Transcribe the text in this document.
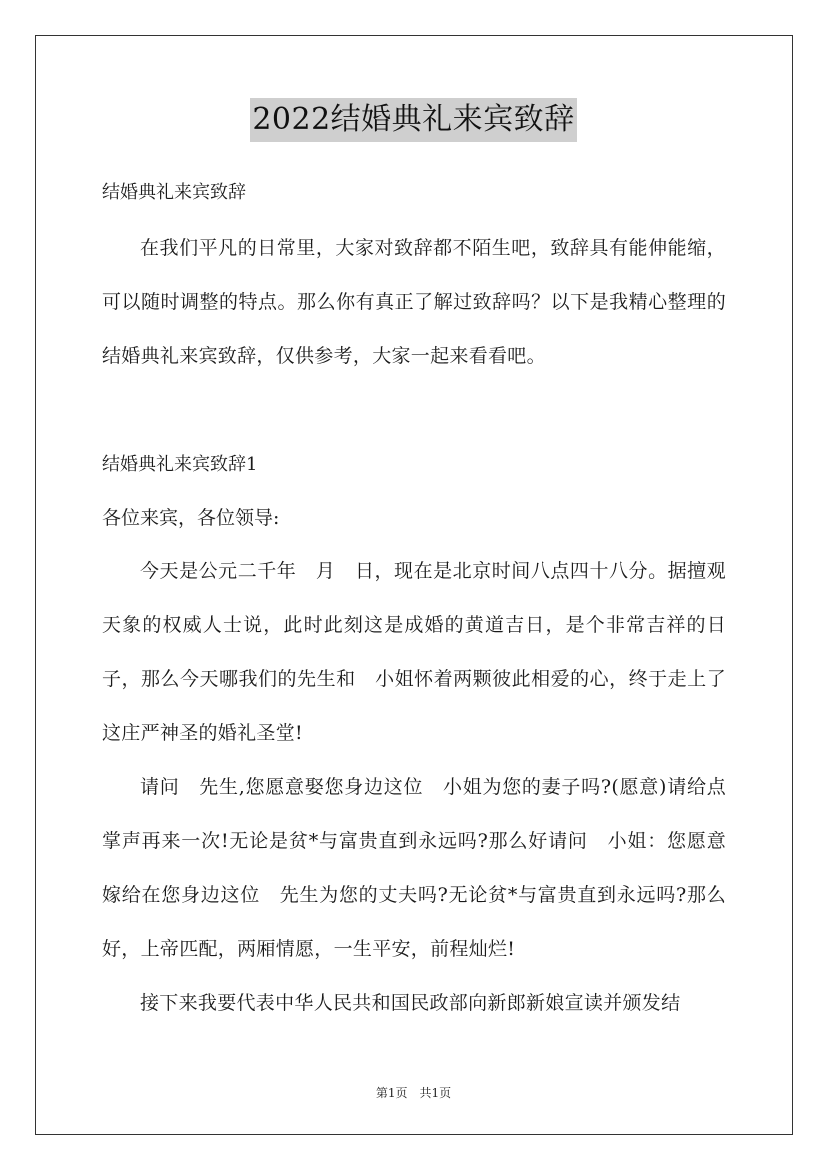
2022结婚典礼来宾致辞
结婚典礼来宾致辞
在我们平凡的日常里，大家对致辞都不陌生吧，致辞具有能伸能缩，可以随时调整的特点。那么你有真正了解过致辞吗？以下是我精心整理的结婚典礼来宾致辞，仅供参考，大家一起来看看吧。
结婚典礼来宾致辞1
各位来宾，各位领导:
今天是公元二千年　月　日，现在是北京时间八点四十八分。据擅观天象的权威人士说，此时此刻这是成婚的黄道吉日，是个非常吉祥的日子，那么今天哪我们的先生和　小姐怀着两颗彼此相爱的心，终于走上了这庄严神圣的婚礼圣堂!
请问　先生,您愿意娶您身边这位　小姐为您的妻子吗?(愿意)请给点掌声再来一次!无论是贫*与富贵直到永远吗?那么好请问　小姐：您愿意嫁给在您身边这位　先生为您的丈夫吗?无论贫*与富贵直到永远吗?那么好，上帝匹配，两厢情愿，一生平安，前程灿烂!
接下来我要代表中华人民共和国民政部向新郎新娘宣读并颁发结
第1页　共1页
